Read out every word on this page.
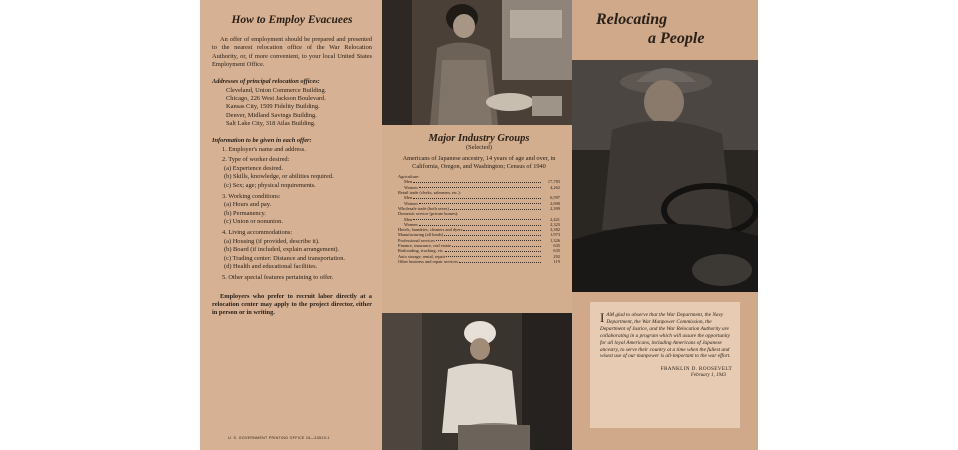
How to Employ Evacuees

An offer of employment should be prepared and presented to the nearest relocation office of the War Relocation Authority, or, if more convenient, to your local United States Employment Office.

Addresses of principal relocation offices:
Cleveland, Union Commerce Building.
Chicago, 226 West Jackson Boulevard.
Kansas City, 1509 Fidelity Building.
Denver, Midland Savings Building.
Salt Lake City, 318 Atlas Building.
Information to be given in each offer:
1. Employer's name and address.
2. Type of worker desired:
(a) Experience desired.
(b) Skills, knowledge, or abilities required.
(c) Sex; age; physical requirements.
3. Working conditions:
(a) Hours and pay.
(b) Permanency.
(c) Union or nonunion.
4. Living accommodations:
(a) Housing (if provided, describe it).
(b) Board (if included, explain arrangement).
(c) Trading center: Distance and transportation.
(d) Health and educational facilities.
5. Other special features pertaining to offer.

Employers who prefer to recruit labor directly at a relocation center may apply to the project director, either in person or in writing.

U. S. GOVERNMENT PRINTING OFFICE 16—33519-1
Major Industry Groups
(Selected)
Americans of Japanese ancestry, 14 years of age and over, in California, Oregon, and Washington; Census of 1940
Agriculture:
Men	17,783
Women	4,262
Retail trade (clerks, salesmen, etc.):
Men	6,597
Women	2,690
Wholesale trade (both sexes)	2,399
Domestic service (private homes):
Men	2,421
Women	2,323
Hotels, laundries, cleaners and dyers	3,382
Manufacturing (all kinds)	1,973
Professional services	1,326
Finance, insurance, real estate	635
Railroading, trucking, etc.	635
Auto storage, rental, repair	292
Other business and repair services	119
Relocating
a People

IAM glad to observe that the War Department, the Navy Department, the War Manpower Commission, the Department of Justice, and the War Relocation Authority are collaborating in a program which will assure the opportunity for all loyal Americans, including Americans of Japanese ancestry, to serve their country at a time when the fullest and wisest use of our manpower is all-important to the war effort.

FRANKLIN D. ROOSEVELT
February 1, 1943
